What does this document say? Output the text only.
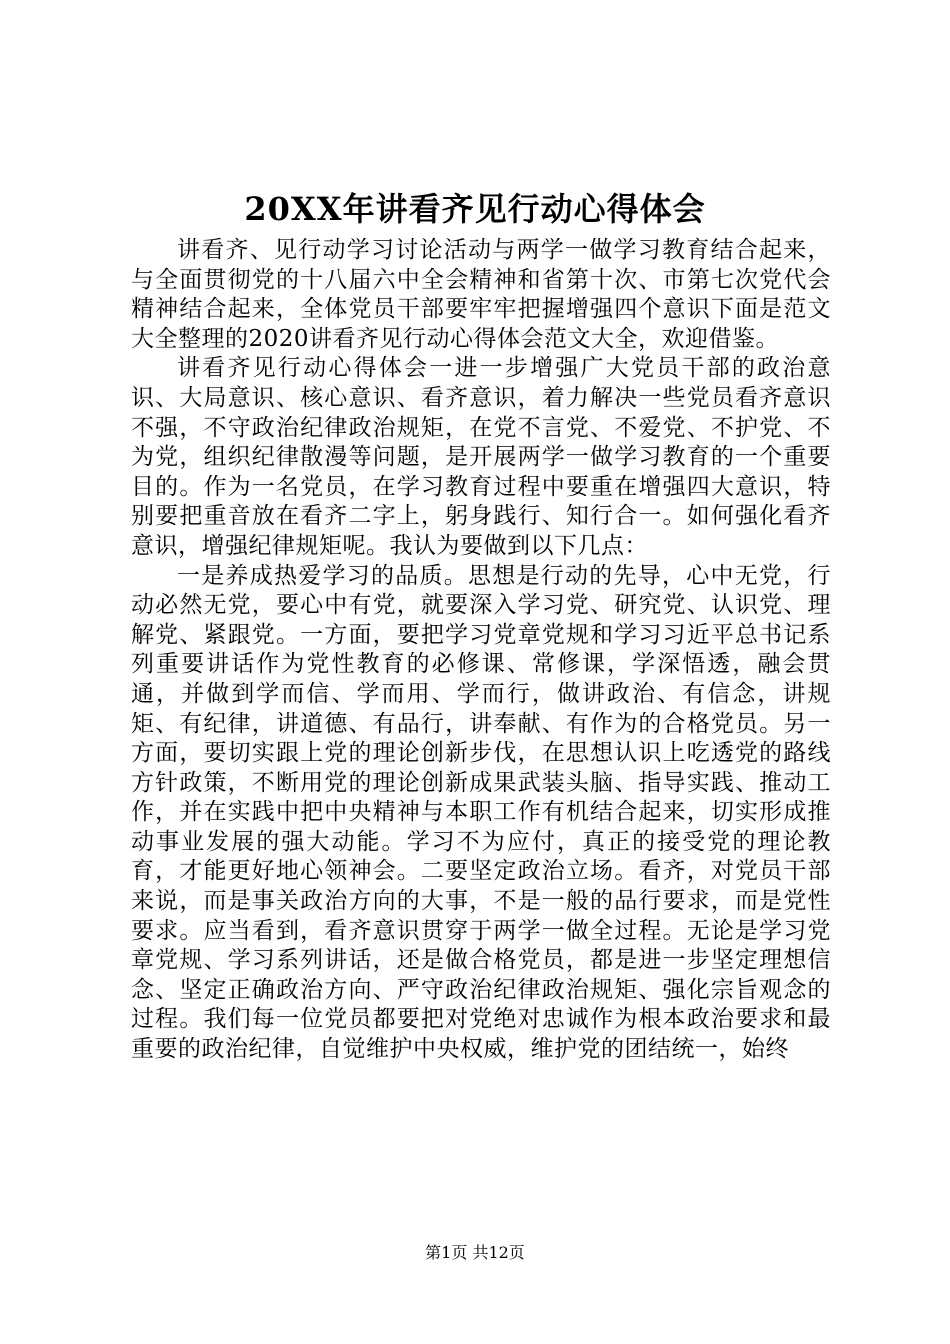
20XX年讲看齐见行动心得体会

讲看齐、见行动学习讨论活动与两学一做学习教育结合起来，与全面贯彻党的十八届六中全会精神和省第十次、市第七次党代会精神结合起来，全体党员干部要牢牢把握增强四个意识下面是范文大全整理的2020讲看齐见行动心得体会范文大全，欢迎借鉴。

讲看齐见行动心得体会一进一步增强广大党员干部的政治意识、大局意识、核心意识、看齐意识，着力解决一些党员看齐意识不强，不守政治纪律政治规矩，在党不言党、不爱党、不护党、不为党，组织纪律散漫等问题，是开展两学一做学习教育的一个重要目的。作为一名党员，在学习教育过程中要重在增强四大意识，特别要把重音放在看齐二字上，躬身践行、知行合一。如何强化看齐意识，增强纪律规矩呢。我认为要做到以下几点：

一是养成热爱学习的品质。思想是行动的先导，心中无党，行动必然无党，要心中有党，就要深入学习党、研究党、认识党、理解党、紧跟党。一方面，要把学习党章党规和学习习近平总书记系列重要讲话作为党性教育的必修课、常修课，学深悟透，融会贯通，并做到学而信、学而用、学而行，做讲政治、有信念，讲规矩、有纪律，讲道德、有品行，讲奉献、有作为的合格党员。另一方面，要切实跟上党的理论创新步伐，在思想认识上吃透党的路线方针政策，不断用党的理论创新成果武装头脑、指导实践、推动工作，并在实践中把中央精神与本职工作有机结合起来，切实形成推动事业发展的强大动能。学习不为应付，真正的接受党的理论教育，才能更好地心领神会。二要坚定政治立场。看齐，对党员干部来说，而是事关政治方向的大事，不是一般的品行要求，而是党性要求。应当看到，看齐意识贯穿于两学一做全过程。无论是学习党章党规、学习系列讲话，还是做合格党员，都是进一步坚定理想信念、坚定正确政治方向、严守政治纪律政治规矩、强化宗旨观念的过程。我们每一位党员都要把对党绝对忠诚作为根本政治要求和最重要的政治纪律，自觉维护中央权威，维护党的团结统一，始终

第1页 共12页
